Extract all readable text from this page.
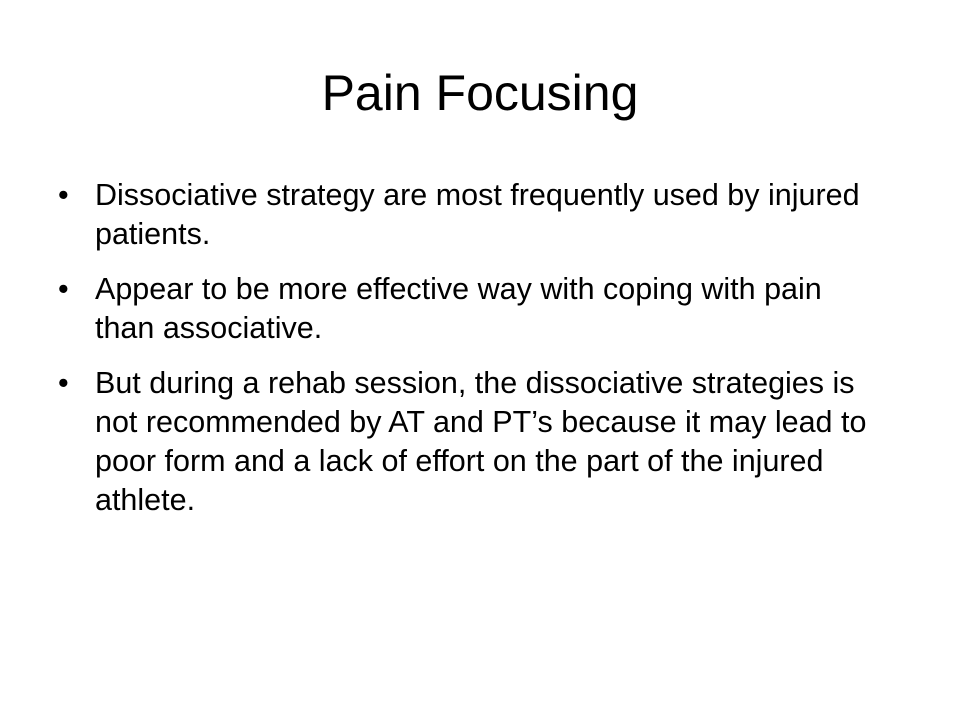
Pain Focusing
• Dissociative strategy are most frequently used by injured patients.
• Appear to be more effective way with coping with pain than associative.
• But during a rehab session, the dissociative strategies is not recommended by AT and PT’s because it may lead to poor form and a lack of effort on the part of the injured athlete.
